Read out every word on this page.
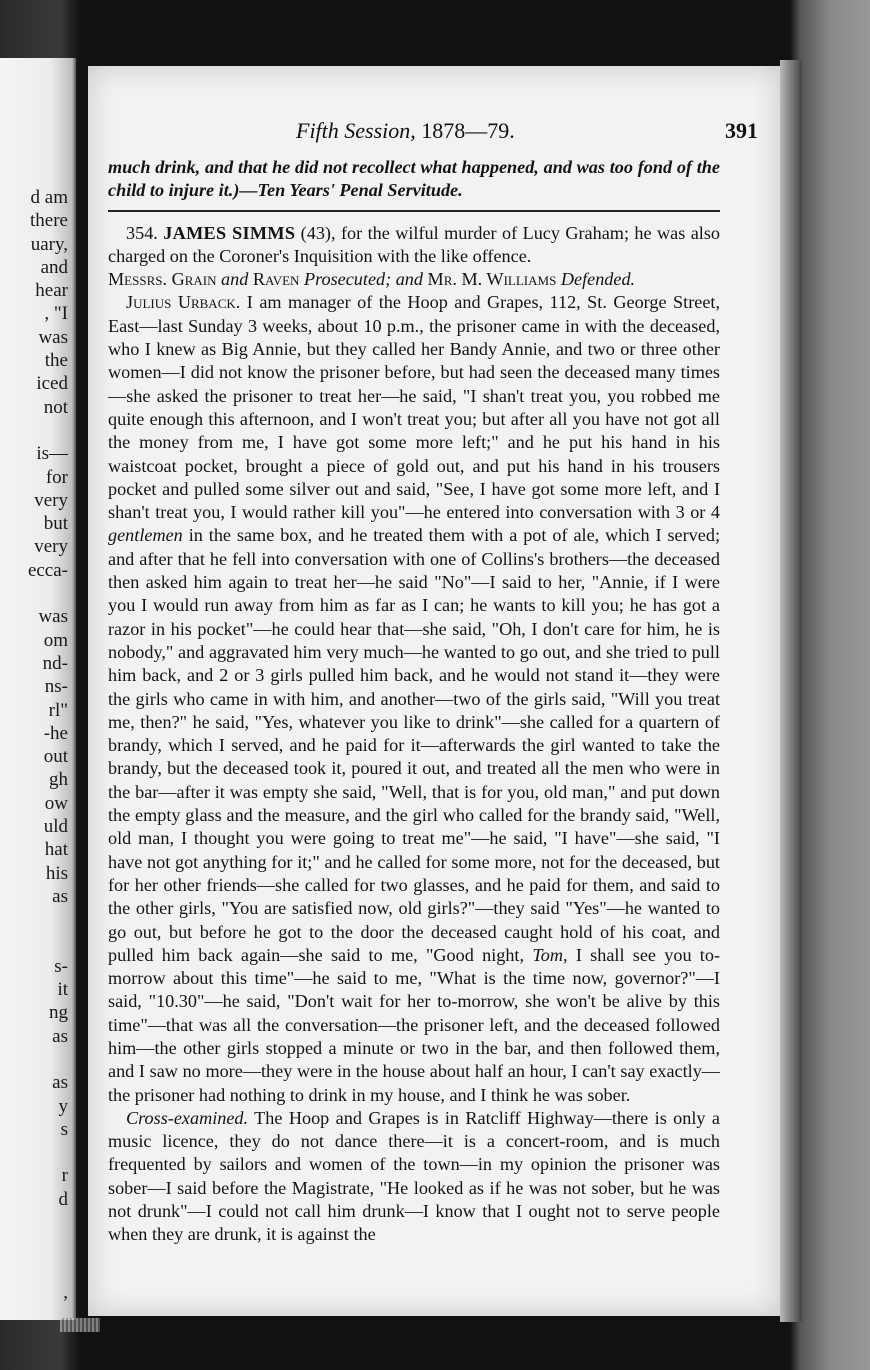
d am
there
uary,
and
hear
, "I
was
the
iced
not
is—
for
very
but
very
ecca-
was
om
nd-
ns-
rl"
-he
out
gh
ow
uld
hat
his
as
s-
it
ng
as
as
y
s
r
d
,
Fifth Session, 1878—79.	391

much drink, and that he did not recollect what happened, and was too fond of the child to injure it.)—Ten Years' Penal Servitude.

354. JAMES SIMMS (43), for the wilful murder of Lucy Graham; he was also charged on the Coroner's Inquisition with the like offence.

Messrs. Grain and Raven Prosecuted; and Mr. M. Williams Defended.

Julius Urback. I am manager of the Hoop and Grapes, 112, St. George Street, East—last Sunday 3 weeks, about 10 p.m., the prisoner came in with the deceased, who I knew as Big Annie, but they called her Bandy Annie, and two or three other women—I did not know the prisoner before, but had seen the deceased many times—she asked the prisoner to treat her—he said, "I shan't treat you, you robbed me quite enough this afternoon, and I won't treat you; but after all you have not got all the money from me, I have got some more left;" and he put his hand in his waistcoat pocket, brought a piece of gold out, and put his hand in his trousers pocket and pulled some silver out and said, "See, I have got some more left, and I shan't treat you, I would rather kill you"—he entered into conversation with 3 or 4 gentlemen in the same box, and he treated them with a pot of ale, which I served; and after that he fell into conversation with one of Collins's brothers—the deceased then asked him again to treat her—he said "No"—I said to her, "Annie, if I were you I would run away from him as far as I can; he wants to kill you; he has got a razor in his pocket"—he could hear that—she said, "Oh, I don't care for him, he is nobody," and aggravated him very much—he wanted to go out, and she tried to pull him back, and 2 or 3 girls pulled him back, and he would not stand it—they were the girls who came in with him, and another—two of the girls said, "Will you treat me, then?" he said, "Yes, whatever you like to drink"—she called for a quartern of brandy, which I served, and he paid for it—afterwards the girl wanted to take the brandy, but the deceased took it, poured it out, and treated all the men who were in the bar—after it was empty she said, "Well, that is for you, old man," and put down the empty glass and the measure, and the girl who called for the brandy said, "Well, old man, I thought you were going to treat me"—he said, "I have"—she said, "I have not got anything for it;" and he called for some more, not for the deceased, but for her other friends—she called for two glasses, and he paid for them, and said to the other girls, "You are satisfied now, old girls?"—they said "Yes"—he wanted to go out, but before he got to the door the deceased caught hold of his coat, and pulled him back again—she said to me, "Good night, Tom, I shall see you to-morrow about this time"—he said to me, "What is the time now, governor?"—I said, "10.30"—he said, "Don't wait for her to-morrow, she won't be alive by this time"—that was all the conversation—the prisoner left, and the deceased followed him—the other girls stopped a minute or two in the bar, and then followed them, and I saw no more—they were in the house about half an hour, I can't say exactly—the prisoner had nothing to drink in my house, and I think he was sober.

Cross-examined. The Hoop and Grapes is in Ratcliff Highway—there is only a music licence, they do not dance there—it is a concert-room, and is much frequented by sailors and women of the town—in my opinion the prisoner was sober—I said before the Magistrate, "He looked as if he was not sober, but he was not drunk"—I could not call him drunk—I know that I ought not to serve people when they are drunk, it is against the
